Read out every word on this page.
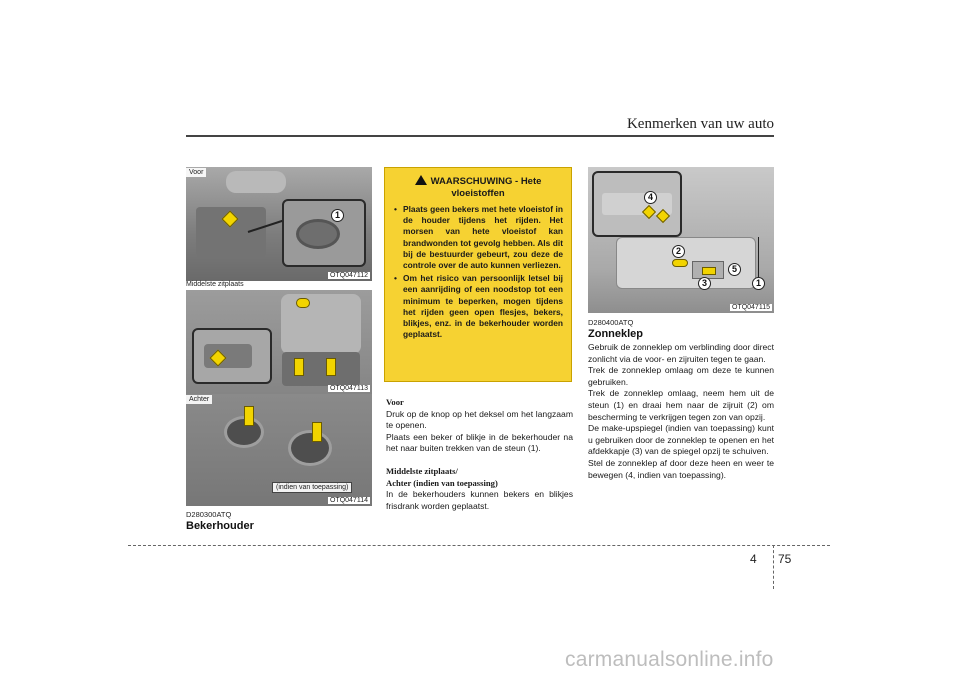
Kenmerken van uw auto
1
Voor
OTQ047112
Middelste zitplaats
OTQ047113
Achter
(indien van toepassing)
OTQ047114
D280300ATQ
Bekerhouder
WAARSCHUWING - Hete
vloeistoffen
• Plaats geen bekers met hete vloeistof in de houder tijdens het rijden. Het morsen van hete vloeistof kan brandwonden tot gevolg hebben. Als dit bij de bestuurder gebeurt, zou deze de controle over de auto kunnen verliezen.
• Om het risico van persoonlijk letsel bij een aanrijding of een noodstop tot een minimum te beperken, mogen tijdens het rijden geen open flesjes, bekers, blikjes, enz. in de bekerhouder worden geplaatst.

Voor

Druk op de knop op het deksel om het langzaam te openen.

Plaats een beker of blikje in de bekerhouder na het naar buiten trekken van de steun (1).

Middelste zitplaats/
Achter (indien van toepassing)

In de bekerhouders kunnen bekers en blikjes frisdrank worden geplaatst.

4
2
5
3	1
OTQ047115
D280400ATQ
Zonneklep

Gebruik de zonneklep om verblinding door direct zonlicht via de voor- en zijruiten tegen te gaan.

Trek de zonneklep omlaag om deze te kunnen gebruiken.

Trek de zonneklep omlaag, neem hem uit de steun (1) en draai hem naar de zijruit (2) om bescherming te verkrijgen tegen zon van opzij.

De make-upspiegel (indien van toepassing) kunt u gebruiken door de zonneklep te openen en het afdekkapje (3) van de spiegel opzij te schuiven.

Stel de zonneklep af door deze heen en weer te bewegen (4, indien van toepassing).

4 75
carmanualsonline.info
